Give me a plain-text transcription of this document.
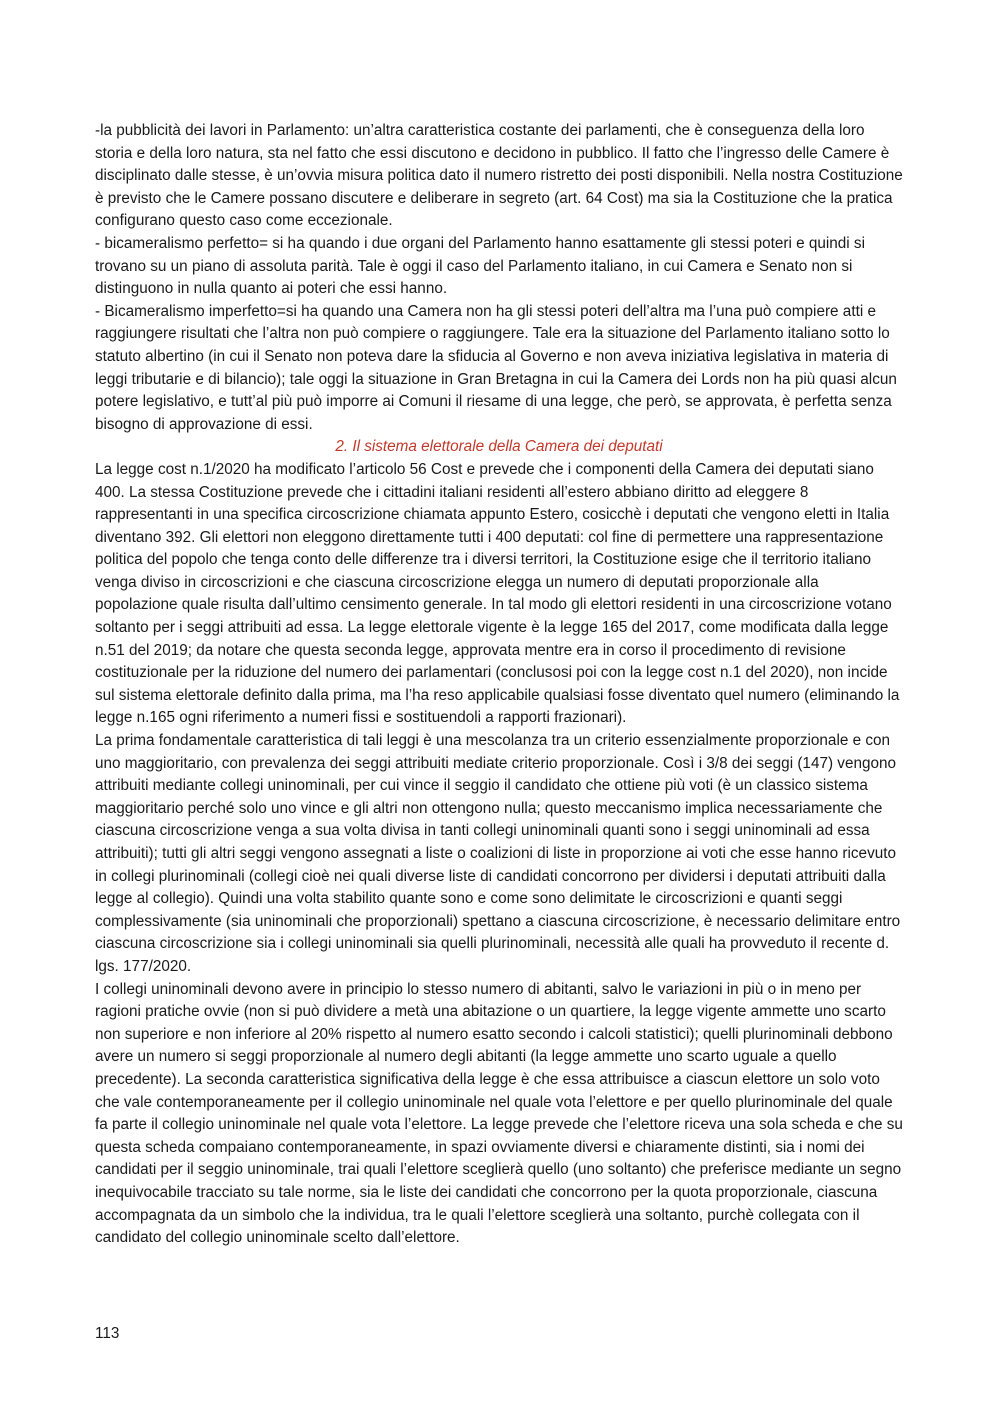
-la pubblicità dei lavori in Parlamento: un’altra caratteristica costante dei parlamenti, che è conseguenza della loro storia e della loro natura, sta nel fatto che essi discutono e decidono in pubblico. Il fatto che l’ingresso delle Camere è disciplinato dalle stesse, è un’ovvia misura politica dato il numero ristretto dei posti disponibili. Nella nostra Costituzione è previsto che le Camere possano discutere e deliberare in segreto (art. 64 Cost) ma sia la Costituzione che la pratica configurano questo caso come eccezionale.

- bicameralismo perfetto= si ha quando i due organi del Parlamento hanno esattamente gli stessi poteri e quindi si trovano su un piano di assoluta parità. Tale è oggi il caso del Parlamento italiano, in cui Camera e Senato non si distinguono in nulla quanto ai poteri che essi hanno.

- Bicameralismo imperfetto=si ha quando una Camera non ha gli stessi poteri dell’altra ma l’una può compiere atti e raggiungere risultati che l’altra non può compiere o raggiungere. Tale era la situazione del Parlamento italiano sotto lo statuto albertino (in cui il Senato non poteva dare la sfiducia al Governo e non aveva iniziativa legislativa in materia di leggi tributarie e di bilancio); tale oggi la situazione in Gran Bretagna in cui la Camera dei Lords non ha più quasi alcun potere legislativo, e tutt’al più può imporre ai Comuni il riesame di una legge, che però, se approvata, è perfetta senza bisogno di approvazione di essi.

2. Il sistema elettorale della Camera dei deputati

La legge cost n.1/2020 ha modificato l’articolo 56 Cost e prevede che i componenti della Camera dei deputati siano 400. La stessa Costituzione prevede che i cittadini italiani residenti all’estero abbiano diritto ad eleggere 8 rappresentanti in una specifica circoscrizione chiamata appunto Estero, cosicchè i deputati che vengono eletti in Italia diventano 392. Gli elettori non eleggono direttamente tutti i 400 deputati: col fine di permettere una rappresentazione politica del popolo che tenga conto delle differenze tra i diversi territori, la Costituzione esige che il territorio italiano venga diviso in circoscrizioni e che ciascuna circoscrizione elegga un numero di deputati proporzionale alla popolazione quale risulta dall’ultimo censimento generale. In tal modo gli elettori residenti in una circoscrizione votano soltanto per i seggi attribuiti ad essa. La legge elettorale vigente è la legge 165 del 2017, come modificata dalla legge n.51 del 2019; da notare che questa seconda legge, approvata mentre era in corso il procedimento di revisione costituzionale per la riduzione del numero dei parlamentari (conclusosi poi con la legge cost n.1 del 2020), non incide sul sistema elettorale definito dalla prima, ma l’ha reso applicabile qualsiasi fosse diventato quel numero (eliminando la legge n.165 ogni riferimento a numeri fissi e sostituendoli a rapporti frazionari).

La prima fondamentale caratteristica di tali leggi è una mescolanza tra un criterio essenzialmente proporzionale e con uno maggioritario, con prevalenza dei seggi attribuiti mediate criterio proporzionale. Così i 3/8 dei seggi (147) vengono attribuiti mediante collegi uninominali, per cui vince il seggio il candidato che ottiene più voti (è un classico sistema maggioritario perché solo uno vince e gli altri non ottengono nulla; questo meccanismo implica necessariamente che ciascuna circoscrizione venga a sua volta divisa in tanti collegi uninominali quanti sono i seggi uninominali ad essa attribuiti); tutti gli altri seggi vengono assegnati a liste o coalizioni di liste in proporzione ai voti che esse hanno ricevuto in collegi plurinominali (collegi cioè nei quali diverse liste di candidati concorrono per dividersi i deputati attribuiti dalla legge al collegio). Quindi una volta stabilito quante sono e come sono delimitate le circoscrizioni e quanti seggi complessivamente (sia uninominali che proporzionali) spettano a ciascuna circoscrizione, è necessario delimitare entro ciascuna circoscrizione sia i collegi uninominali sia quelli plurinominali, necessità alle quali ha provveduto il recente d. lgs. 177/2020.

I collegi uninominali devono avere in principio lo stesso numero di abitanti, salvo le variazioni in più o in meno per ragioni pratiche ovvie (non si può dividere a metà una abitazione o un quartiere, la legge vigente ammette uno scarto non superiore e non inferiore al 20% rispetto al numero esatto secondo i calcoli statistici); quelli plurinominali debbono avere un numero si seggi proporzionale al numero degli abitanti (la legge ammette uno scarto uguale a quello precedente). La seconda caratteristica significativa della legge è che essa attribuisce a ciascun elettore un solo voto che vale contemporaneamente per il collegio uninominale nel quale vota l’elettore e per quello plurinominale del quale fa parte il collegio uninominale nel quale vota l’elettore. La legge prevede che l’elettore riceva una sola scheda e che su questa scheda compaiano contemporaneamente, in spazi ovviamente diversi e chiaramente distinti, sia i nomi dei candidati per il seggio uninominale, trai quali l’elettore sceglierà quello (uno soltanto) che preferisce mediante un segno inequivocabile tracciato su tale norme, sia le liste dei candidati che concorrono per la quota proporzionale, ciascuna accompagnata da un simbolo che la individua, tra le quali l’elettore sceglierà una soltanto, purchè collegata con il candidato del collegio uninominale scelto dall’elettore.

113
